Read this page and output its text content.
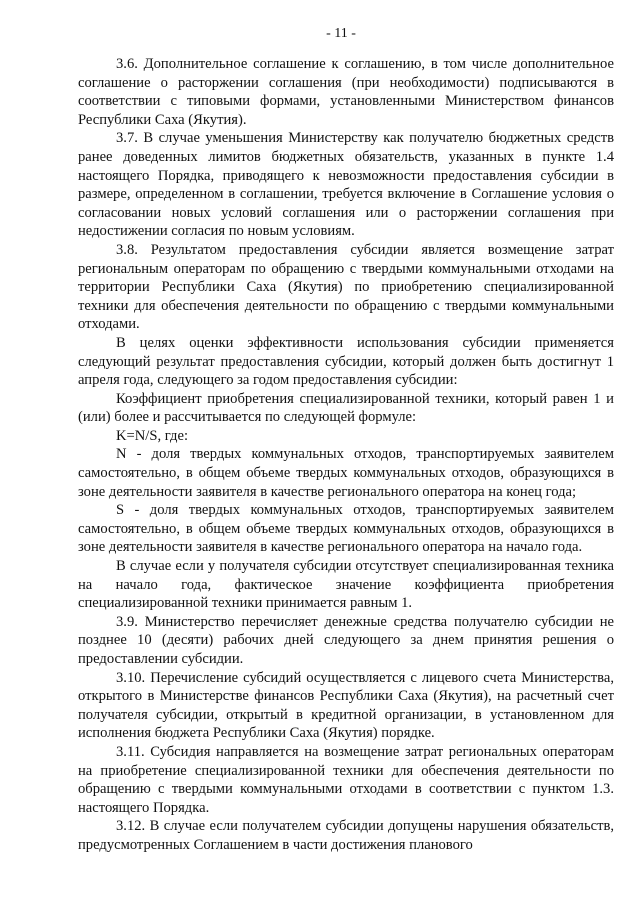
- 11 -

3.6. Дополнительное соглашение к соглашению, в том числе дополнительное соглашение о расторжении соглашения (при необходимости) подписываются в соответствии с типовыми формами, установленными Министерством финансов Республики Саха (Якутия).

3.7. В случае уменьшения Министерству как получателю бюджетных средств ранее доведенных лимитов бюджетных обязательств, указанных в пункте 1.4 настоящего Порядка, приводящего к невозможности предоставления субсидии в размере, определенном в соглашении, требуется включение в Соглашение условия о согласовании новых условий соглашения или о расторжении соглашения при недостижении согласия по новым условиям.

3.8. Результатом предоставления субсидии является возмещение затрат региональным операторам по обращению с твердыми коммунальными отходами на территории Республики Саха (Якутия) по приобретению специализированной техники для обеспечения деятельности по обращению с твердыми коммунальными отходами.

В целях оценки эффективности использования субсидии применяется следующий результат предоставления субсидии, который должен быть достигнут 1 апреля года, следующего за годом предоставления субсидии:

Коэффициент приобретения специализированной техники, который равен 1 и (или) более и рассчитывается по следующей формуле:

K=N/S, где:

N - доля твердых коммунальных отходов, транспортируемых заявителем самостоятельно, в общем объеме твердых коммунальных отходов, образующихся в зоне деятельности заявителя в качестве регионального оператора на конец года;

S - доля твердых коммунальных отходов, транспортируемых заявителем самостоятельно, в общем объеме твердых коммунальных отходов, образующихся в зоне деятельности заявителя в качестве регионального оператора на начало года.

В случае если у получателя субсидии отсутствует специализированная техника на начало года, фактическое значение коэффициента приобретения специализированной техники принимается равным 1.

3.9. Министерство перечисляет денежные средства получателю субсидии не позднее 10 (десяти) рабочих дней следующего за днем принятия решения о предоставлении субсидии.

3.10. Перечисление субсидий осуществляется с лицевого счета Министерства, открытого в Министерстве финансов Республики Саха (Якутия), на расчетный счет получателя субсидии, открытый в кредитной организации, в установленном для исполнения бюджета Республики Саха (Якутия) порядке.

3.11. Субсидия направляется на возмещение затрат региональных операторам на приобретение специализированной техники для обеспечения деятельности по обращению с твердыми коммунальными отходами в соответствии с пунктом 1.3. настоящего Порядка.

3.12. В случае если получателем субсидии допущены нарушения обязательств, предусмотренных Соглашением в части достижения планового
